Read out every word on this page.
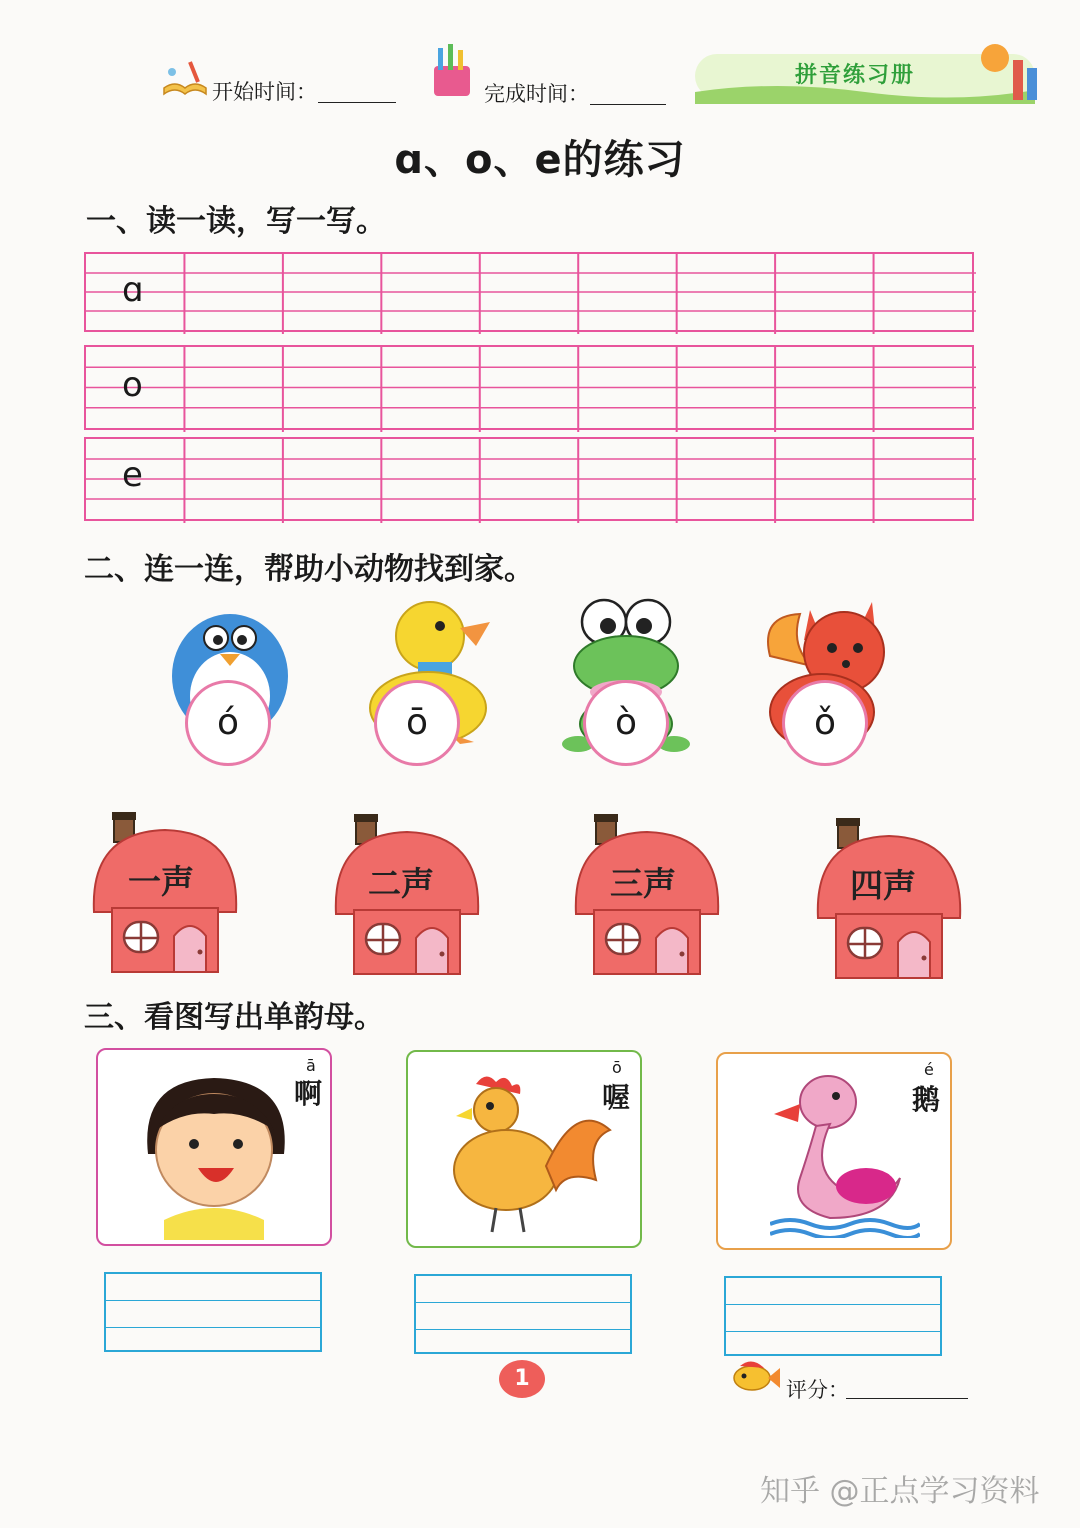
开始时间：	完成时间：
拼音练习册
ɑ、o、e的练习
一、读一读，写一写。
ɑ
o
e
二、连一连，帮助小动物找到家。
ó	ō	ò	ǒ
一声	二声	三声	四声
三、看图写出单韵母。
ā
啊
ō
喔
é
鹅
1	评分：
知乎 @正点学习资料
